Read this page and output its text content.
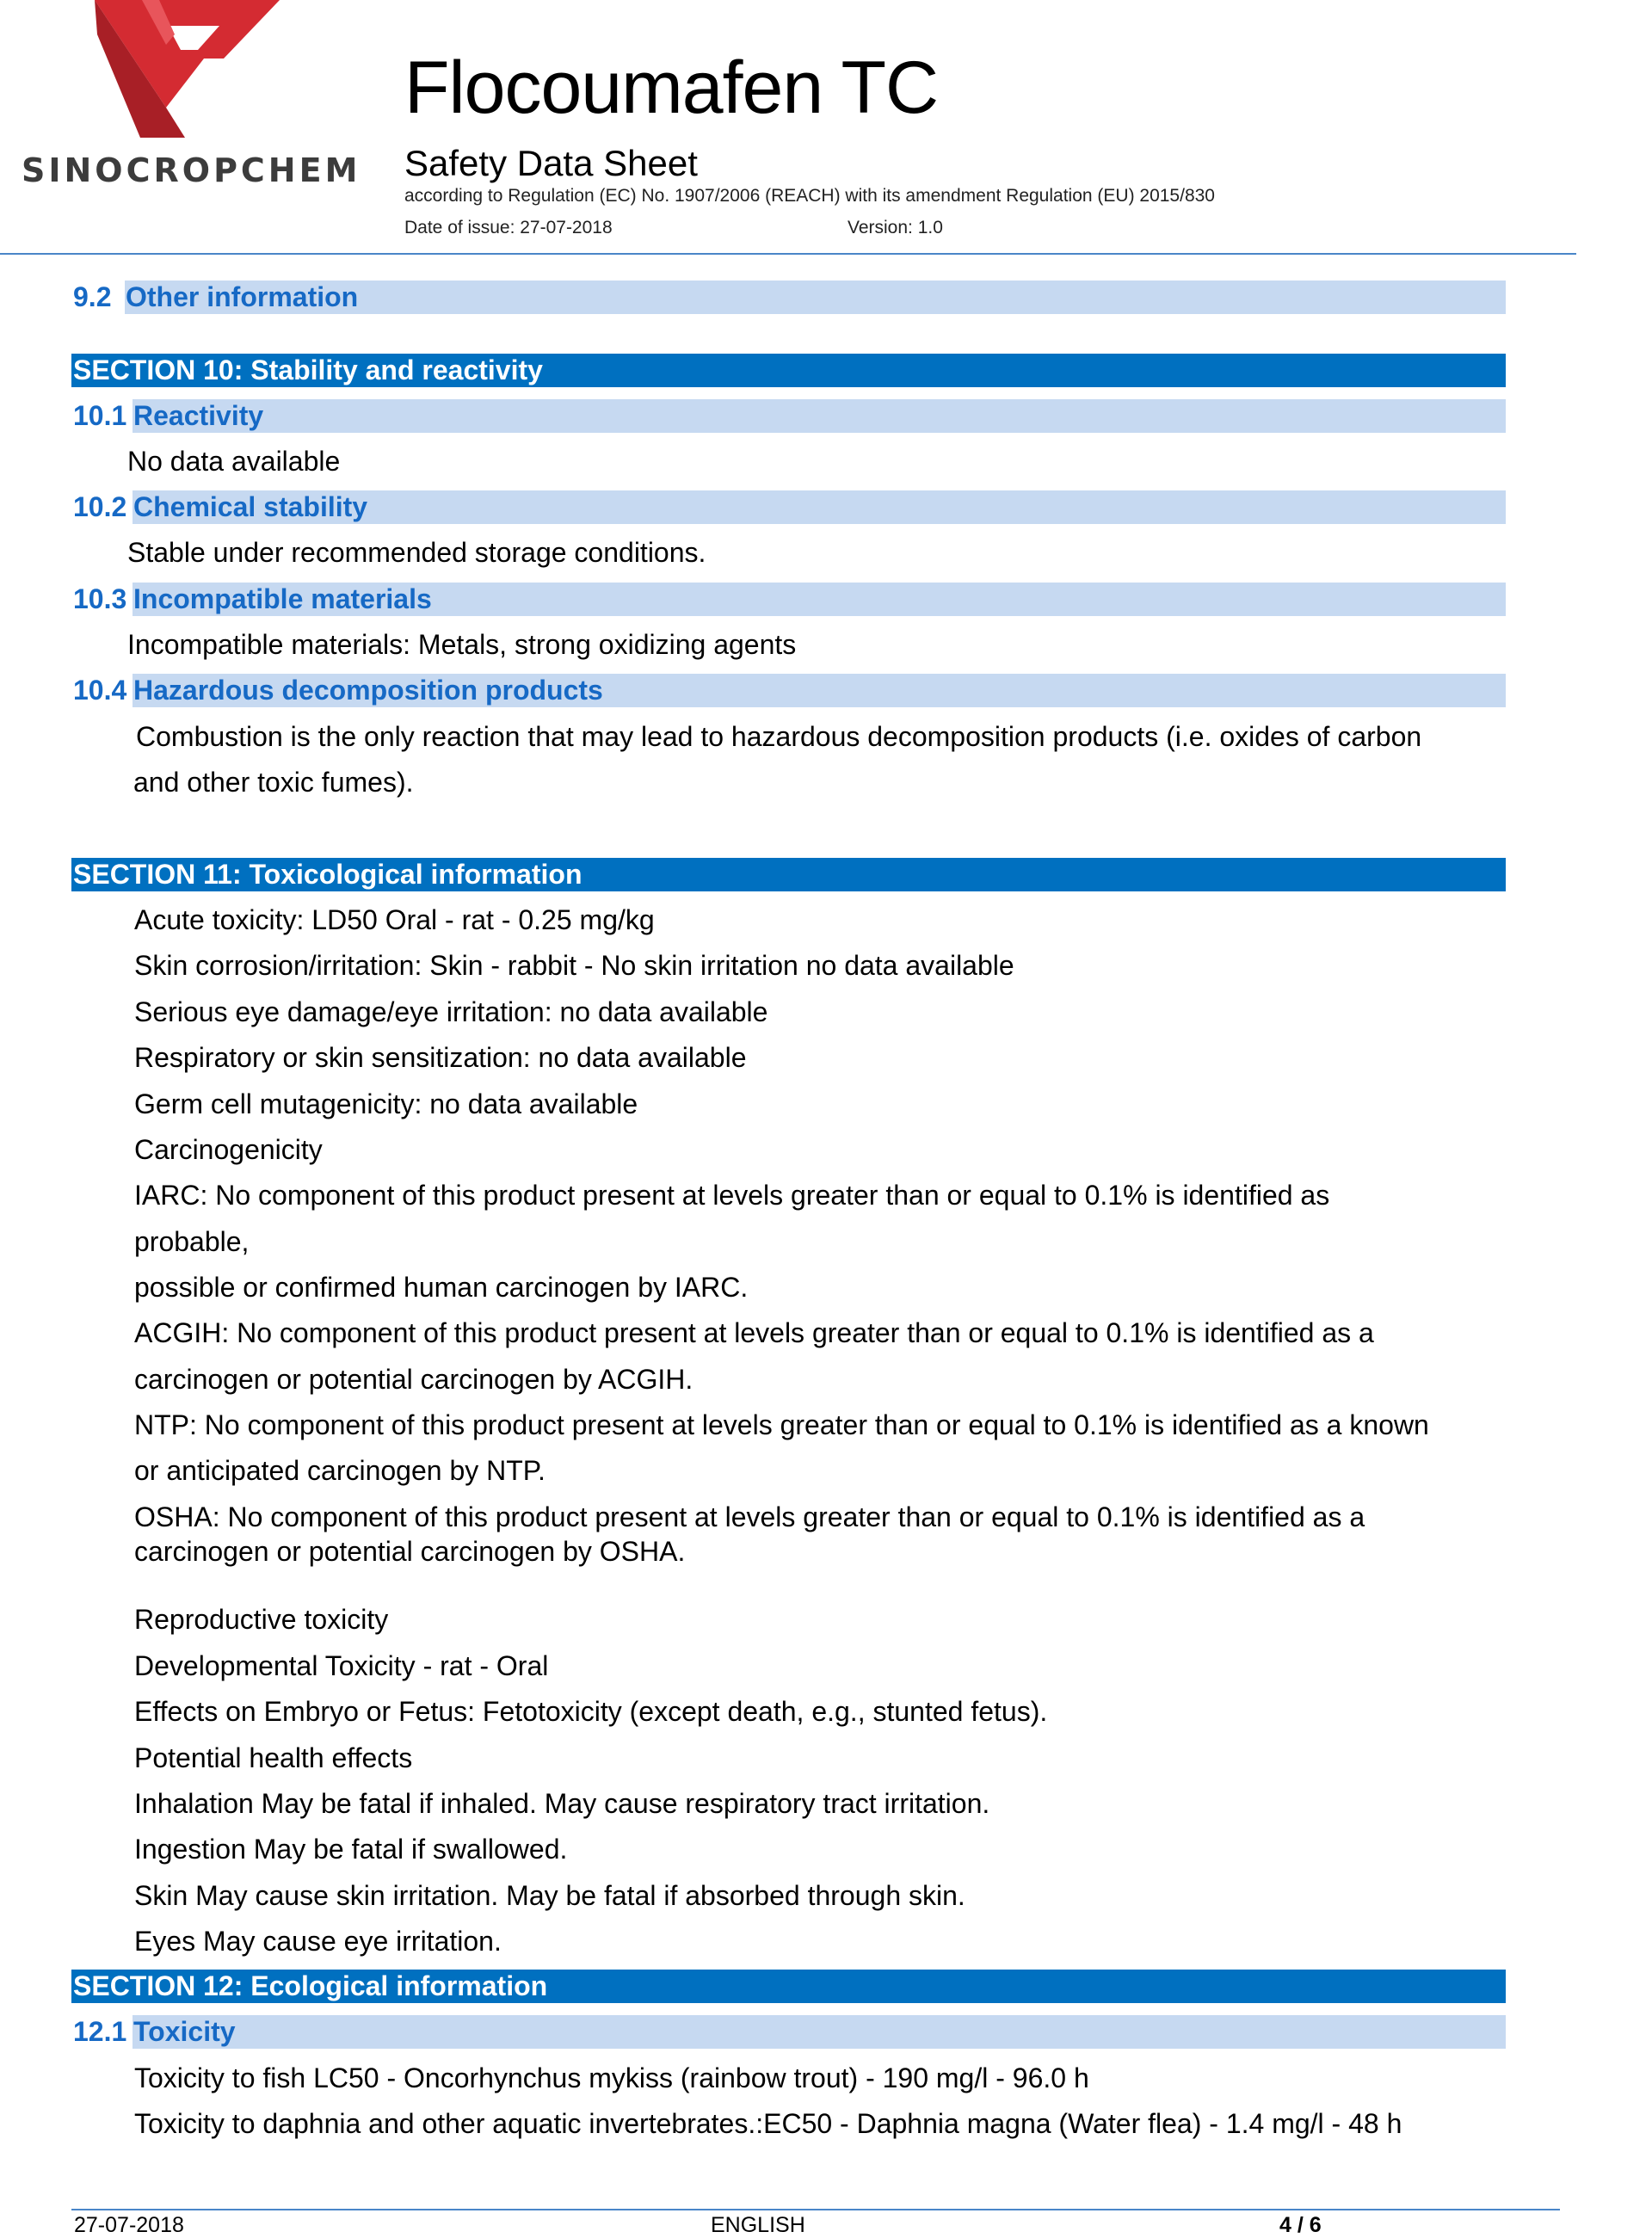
SINOCROPCHEM
Flocoumafen TC
Safety Data Sheet
according to Regulation (EC) No. 1907/2006 (REACH) with its amendment Regulation (EU) 2015/830
Date of issue: 27-07-2018	Version: 1.0
9.2 Other information
SECTION 10: Stability and reactivity
10.1 Reactivity
No data available
10.2 Chemical stability
Stable under recommended storage conditions.
10.3 Incompatible materials
Incompatible materials: Metals, strong oxidizing agents
10.4 Hazardous decomposition products
Combustion is the only reaction that may lead to hazardous decomposition products (i.e. oxides of carbon
and other toxic fumes).
SECTION 11: Toxicological information
Acute toxicity: LD50 Oral - rat - 0.25 mg/kg
Skin corrosion/irritation: Skin - rabbit - No skin irritation no data available
Serious eye damage/eye irritation: no data available
Respiratory or skin sensitization: no data available
Germ cell mutagenicity: no data available
Carcinogenicity
IARC: No component of this product present at levels greater than or equal to 0.1% is identified as
probable,
possible or confirmed human carcinogen by IARC.
ACGIH: No component of this product present at levels greater than or equal to 0.1% is identified as a
carcinogen or potential carcinogen by ACGIH.
NTP: No component of this product present at levels greater than or equal to 0.1% is identified as a known
or anticipated carcinogen by NTP.
OSHA: No component of this product present at levels greater than or equal to 0.1% is identified as a
carcinogen or potential carcinogen by OSHA.
Reproductive toxicity
Developmental Toxicity - rat - Oral
Effects on Embryo or Fetus: Fetotoxicity (except death, e.g., stunted fetus).
Potential health effects
Inhalation May be fatal if inhaled. May cause respiratory tract irritation.
Ingestion May be fatal if swallowed.
Skin May cause skin irritation. May be fatal if absorbed through skin.
Eyes May cause eye irritation.
SECTION 12: Ecological information
12.1 Toxicity
Toxicity to fish LC50 - Oncorhynchus mykiss (rainbow trout) - 190 mg/l - 96.0 h
Toxicity to daphnia and other aquatic invertebrates.:EC50 - Daphnia magna (Water flea) - 1.4 mg/l - 48 h
27-07-2018	ENGLISH	4 / 6
